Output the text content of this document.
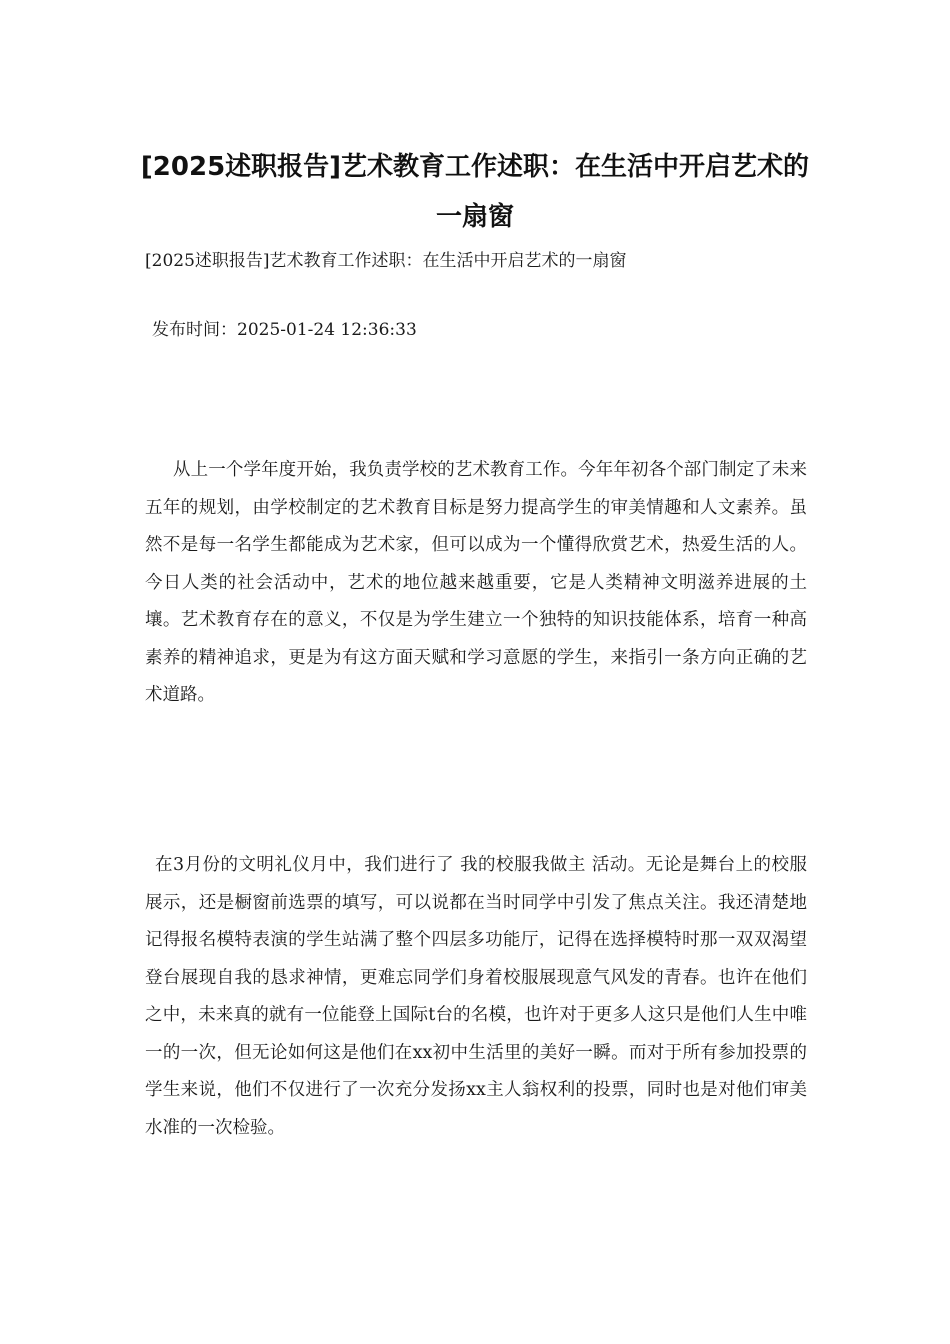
[2025述职报告]艺术教育工作述职：在生活中开启艺术的一扇窗

[2025述职报告]艺术教育工作述职：在生活中开启艺术的一扇窗

发布时间：2025-01-24 12:36:33

从上一个学年度开始，我负责学校的艺术教育工作。今年年初各个部门制定了未来五年的规划，由学校制定的艺术教育目标是努力提高学生的审美情趣和人文素养。虽然不是每一名学生都能成为艺术家，但可以成为一个懂得欣赏艺术，热爱生活的人。今日人类的社会活动中，艺术的地位越来越重要，它是人类精神文明滋养进展的土壤。艺术教育存在的意义，不仅是为学生建立一个独特的知识技能体系，培育一种高素养的精神追求，更是为有这方面天赋和学习意愿的学生，来指引一条方向正确的艺术道路。

在3月份的文明礼仪月中，我们进行了 我的校服我做主 活动。无论是舞台上的校服展示，还是橱窗前选票的填写，可以说都在当时同学中引发了焦点关注。我还清楚地记得报名模特表演的学生站满了整个四层多功能厅，记得在选择模特时那一双双渴望登台展现自我的恳求神情，更难忘同学们身着校服展现意气风发的青春。也许在他们之中，未来真的就有一位能登上国际t台的名模，也许对于更多人这只是他们人生中唯一的一次，但无论如何这是他们在xx初中生活里的美好一瞬。而对于所有参加投票的学生来说，他们不仅进行了一次充分发扬xx主人翁权利的投票，同时也是对他们审美水准的一次检验。
